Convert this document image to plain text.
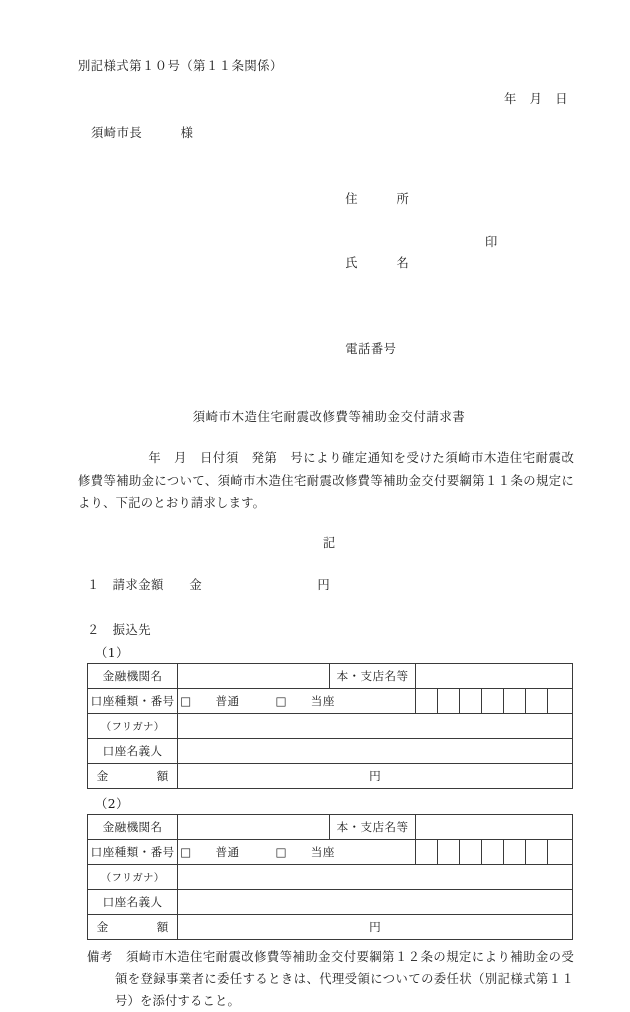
別記様式第１０号（第１１条関係）
年　月　日
須崎市長　　　様

住　　　所

氏　　　名

印

電話番号

須崎市木造住宅耐震改修費等補助金交付請求書
年　月　日付須　発第　号により確定通知を受けた須崎市木造住宅耐震改修費等補助金について、須崎市木造住宅耐震改修費等補助金交付要綱第１１条の規定により、下記のとおり請求します。
記
１　請求金額　　金　　　　　　　　　円
２　振込先
（1）
金融機関名		本・支店名等							
口座種類・番号	□　　普通　　　□　　当座								
（フリガナ）									
口座名義人									
金　　　　額	円								
（2）
金融機関名		本・支店名等							
口座種類・番号	□　　普通　　　□　　当座								
（フリガナ）									
口座名義人									
金　　　　額	円								
備考　 須崎市木造住宅耐震改修費等補助金交付要綱第１２条の規定により補助金の受領を登録事業者に委任するときは、代理受領についての委任状（別記様式第１１号）を添付すること。
